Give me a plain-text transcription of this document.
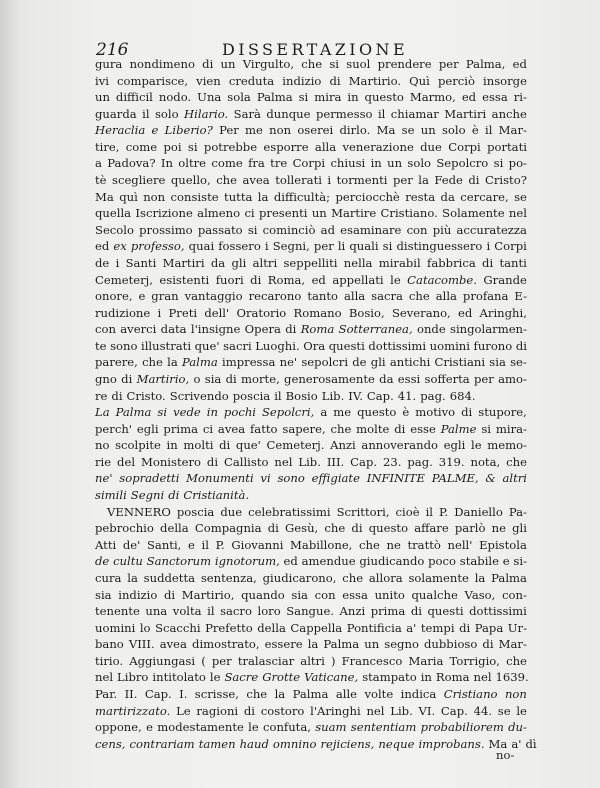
216	DISSERTAZIONE
gura nondimeno di un Virgulto, che si suol prendere per Palma, ed
ivi comparisce, vien creduta indizio di Martirio. Quì perciò insorge
un difficil nodo. Una sola Palma si mira in questo Marmo, ed essa ri-
guarda il solo Hilario. Sarà dunque permesso il chiamar Martiri anche
Heraclia e Liberio? Per me non oserei dirlo. Ma se un solo è il Mar-
tire, come poi si potrebbe esporre alla venerazione due Corpi portati
a Padova? In oltre come fra tre Corpi chiusi in un solo Sepolcro si po-
tè scegliere quello, che avea tollerati i tormenti per la Fede di Cristo?
Ma quì non consiste tutta la difficultà; perciocchè resta da cercare, se
quella Iscrizione almeno ci presenti un Martire Cristiano. Solamente nel
Secolo prossimo passato si cominciò ad esaminare con più accuratezza
ed ex professo, quai fossero i Segni, per li quali si distinguessero i Corpi
de i Santi Martiri da gli altri seppelliti nella mirabil fabbrica di tanti
Cemeterj, esistenti fuori di Roma, ed appellati le Catacombe. Grande
onore, e gran vantaggio recarono tanto alla sacra che alla profana E-
rudizione i Preti dell' Oratorio Romano Bosio, Severano, ed Aringhi,
con averci data l'insigne Opera di Roma Sotterranea, onde singolarmen-
te sono illustrati que' sacri Luoghi. Ora questi dottissimi uomini furono di
parere, che la Palma impressa ne' sepolcri de gli antichi Cristiani sia se-
gno di Martirio, o sia di morte, generosamente da essi sofferta per amo-
re di Cristo. Scrivendo poscia il Bosio Lib. IV. Cap. 41. pag. 684.
La Palma si vede in pochi Sepolcri, a me questo è motivo di stupore,
perch' egli prima ci avea fatto sapere, che molte di esse Palme si mira-
no scolpite in molti di que' Cemeterj. Anzi annoverando egli le memo-
rie del Monistero di Callisto nel Lib. III. Cap. 23. pag. 319. nota, che
ne' sopradetti Monumenti vi sono effigiate INFINITE PALME, & altri
simili Segni di Cristianità.
VENNERO poscia due celebratissimi Scrittori, cioè il P. Daniello Pa-
pebrochio della Compagnia di Gesù, che di questo affare parlò ne gli
Atti de' Santi, e il P. Giovanni Mabillone, che ne trattò nell' Epistola
de cultu Sanctorum ignotorum, ed amendue giudicando poco stabile e si-
cura la suddetta sentenza, giudicarono, che allora solamente la Palma
sia indizio di Martirio, quando sia con essa unito qualche Vaso, con-
tenente una volta il sacro loro Sangue. Anzi prima di questi dottissimi
uomini lo Scacchi Prefetto della Cappella Pontificia a' tempi di Papa Ur-
bano VIII. avea dimostrato, essere la Palma un segno dubbioso di Mar-
tirio. Aggiungasi ( per tralasciar altri ) Francesco Maria Torrigio, che
nel Libro intitolato le Sacre Grotte Vaticane, stampato in Roma nel 1639.
Par. II. Cap. I. scrisse, che la Palma alle volte indica Cristiano non
martirizzato. Le ragioni di costoro l'Aringhi nel Lib. VI. Cap. 44. se le
oppone, e modestamente le confuta, suam sententiam probabiliorem du-
cens, contrariam tamen haud omnino rejiciens, neque improbans. Ma a' dì
no-
